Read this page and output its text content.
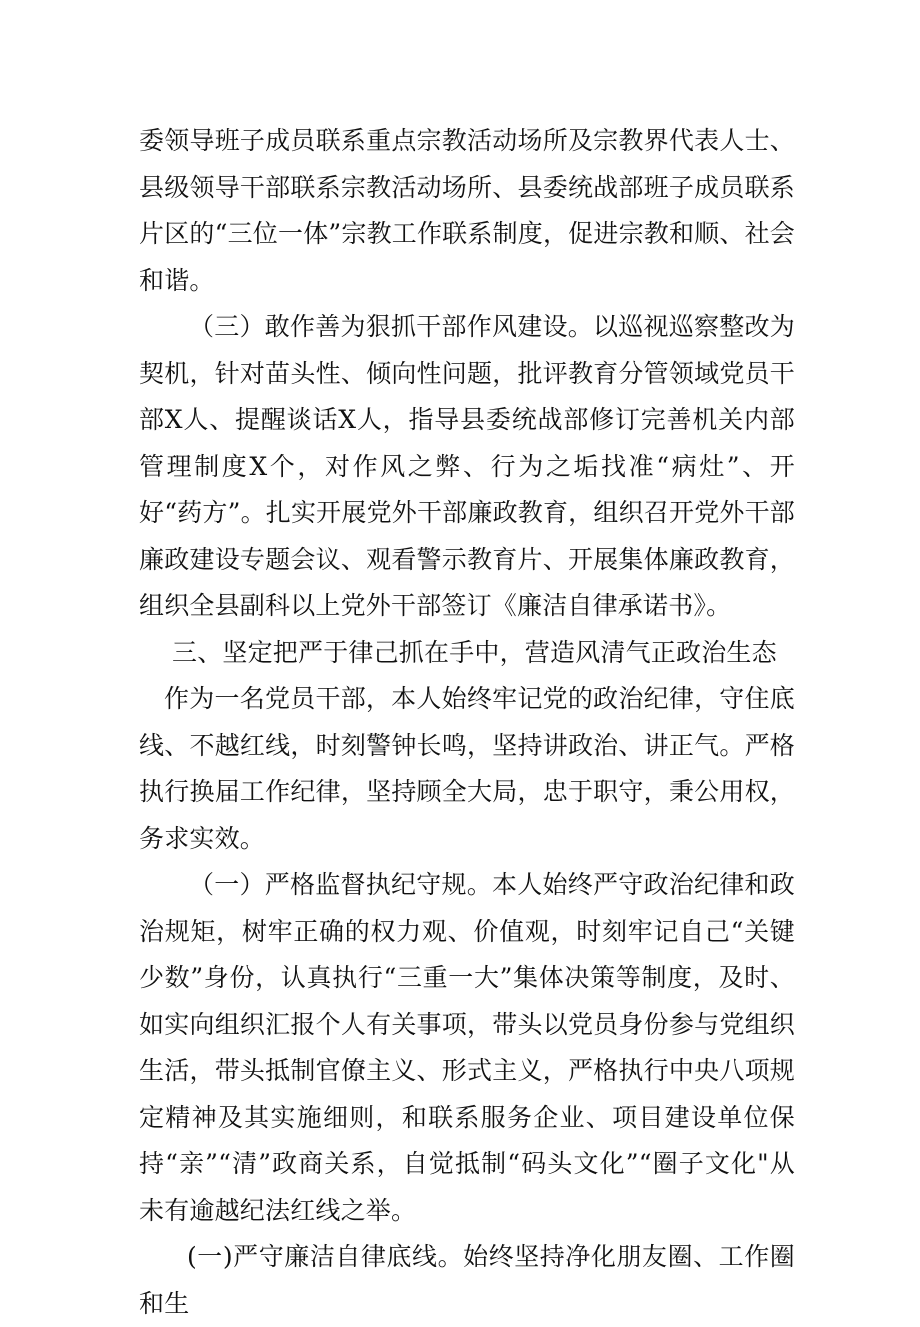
委领导班子成员联系重点宗教活动场所及宗教界代表人士、县级领导干部联系宗教活动场所、县委统战部班子成员联系片区的“三位一体”宗教工作联系制度，促进宗教和顺、社会和谐。

（三）敢作善为狠抓干部作风建设。以巡视巡察整改为契机，针对苗头性、倾向性问题，批评教育分管领域党员干部X人、提醒谈话X人，指导县委统战部修订完善机关内部管理制度X个，对作风之弊、行为之垢找准“病灶”、开好“药方”。扎实开展党外干部廉政教育，组织召开党外干部廉政建设专题会议、观看警示教育片、开展集体廉政教育，组织全县副科以上党外干部签订《廉洁自律承诺书》。

三、坚定把严于律己抓在手中，营造风清气正政治生态

作为一名党员干部，本人始终牢记党的政治纪律，守住底线、不越红线，时刻警钟长鸣，坚持讲政治、讲正气。严格执行换届工作纪律，坚持顾全大局，忠于职守，秉公用权，务求实效。

（一）严格监督执纪守规。本人始终严守政治纪律和政治规矩，树牢正确的权力观、价值观，时刻牢记自己“关键少数”身份，认真执行“三重一大”集体决策等制度，及时、如实向组织汇报个人有关事项，带头以党员身份参与党组织生活，带头抵制官僚主义、形式主义，严格执行中央八项规定精神及其实施细则，和联系服务企业、项目建设单位保持“亲”“清”政商关系，自觉抵制“码头文化”“圈子文化"从未有逾越纪法红线之举。

(一)严守廉洁自律底线。始终坚持净化朋友圈、工作圈和生
